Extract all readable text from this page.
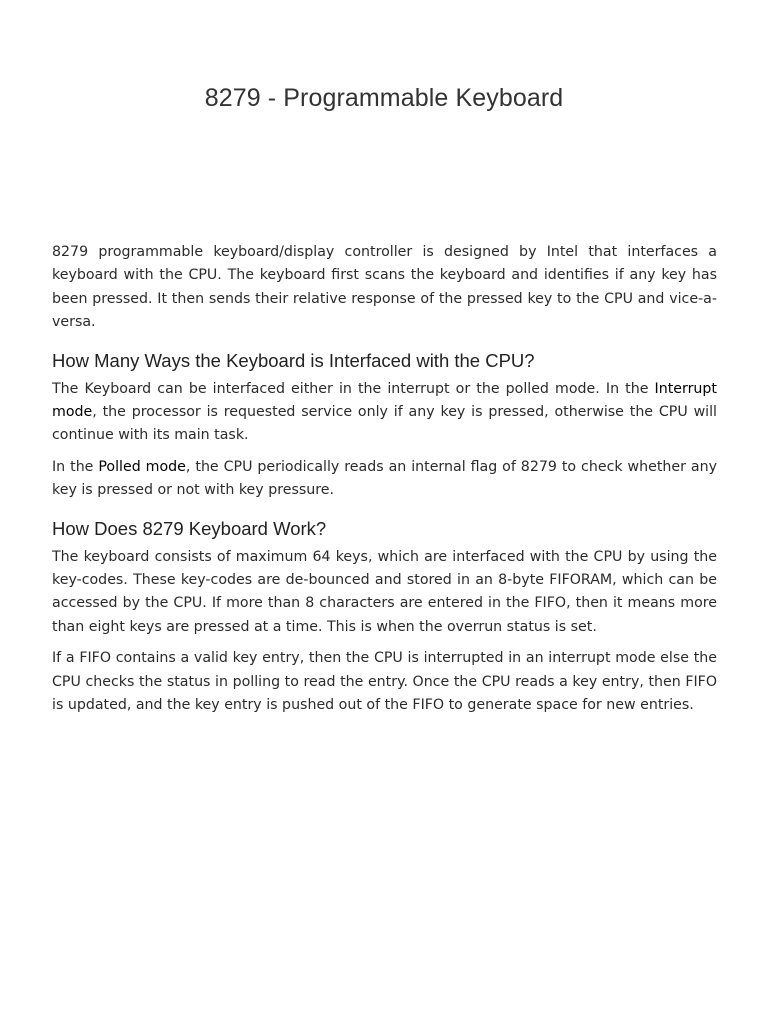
8279 - Programmable Keyboard

8279 programmable keyboard/display controller is designed by Intel that interfaces a keyboard with the CPU. The keyboard first scans the keyboard and identifies if any key has been pressed. It then sends their relative response of the pressed key to the CPU and vice-a-versa.

How Many Ways the Keyboard is Interfaced with the CPU?

The Keyboard can be interfaced either in the interrupt or the polled mode. In the Interrupt mode, the processor is requested service only if any key is pressed, otherwise the CPU will continue with its main task.

In the Polled mode, the CPU periodically reads an internal flag of 8279 to check whether any key is pressed or not with key pressure.

How Does 8279 Keyboard Work?

The keyboard consists of maximum 64 keys, which are interfaced with the CPU by using the key-codes. These key-codes are de-bounced and stored in an 8-byte FIFORAM, which can be accessed by the CPU. If more than 8 characters are entered in the FIFO, then it means more than eight keys are pressed at a time. This is when the overrun status is set.

If a FIFO contains a valid key entry, then the CPU is interrupted in an interrupt mode else the CPU checks the status in polling to read the entry. Once the CPU reads a key entry, then FIFO is updated, and the key entry is pushed out of the FIFO to generate space for new entries.
